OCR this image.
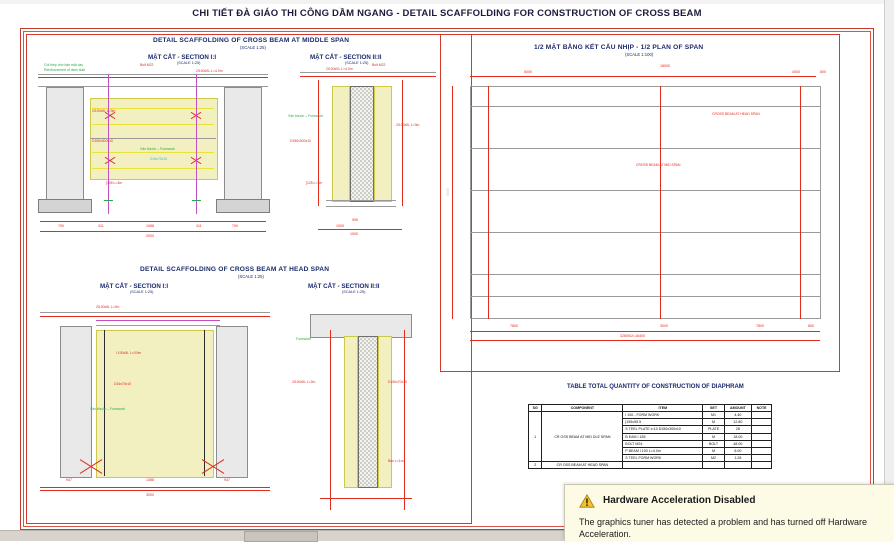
CHI TIẾT ĐÀ GIÁO THI CÔNG DẦM NGANG - DETAIL SCAFFOLDING FOR CONSTRUCTION OF CROSS BEAM
DETAIL SCAFFOLDING OF CROSS BEAM AT MIDDLE SPAN
(SCALE 1:25)
MẶT CẮT - SECTION I:I
(SCALE 1:25)
MẶT CẮT - SECTION II:II
(SCALE 1:25)
Cốt thép chờ bản mặt cầu
Reinforcement of deck slab
Bolt M22
2I100xSL L=4.0m
2I100x5L L=3m
Vấn khuôn – Formwork
D16x70x10
D150x300x10
[155 L=3m
700	411	1088	411	700
2000
2I100xSL L=4.0m
Bolt M22
Vấn khuôn – Formwork
2I100x5L L=3m
D150x300x10
[125 L=3m
1000
905
1000
DETAIL SCAFFOLDING OF CROSS BEAM AT HEAD SPAN
(SCALE 1:25)
MẶT CẮT - SECTION I:I
(SCALE 1:25)
MẶT CẮT - SECTION II:II
(SCALE 1:25)
2I100x5L L=2m
I 100x5L L=0.9m
D16x70x10
Vấn khuôn – Formwork
947	1388	947
3000
Formwork
2I100x5L L=2m	D150x70x10
Bản L=1m
1/2 MẶT BẰNG KẾT CẤU NHỊP - 1/2 PLAN OF SPAN
(SCALE 1:100)
6000
18000
4000	800
CROSS BEAM AT HEAD SPAN
CROSS BEAM AT MID SPAN
7800	3000
32800/2=16400
7800	800
3000
TABLE TOTAL QUANTITY OF CONSTRUCTION OF DIAPHRAM
SG	COMPONENT	ITEM	SET	AMOUNT	NOTE
1	CR OSS BEAM AT MID DLE SPAN	I 100 - FORM WORK	M1	4.40	
		[155x55.5	M	12.80	
		S TEEL PLATE t=10 D150x300x10	PLATE	28	
		B EAM I 155	M	18.00	
		BOLT M24	BOLT	48.00	
		P BEAM I 100 L=4.0m	M	6.00	
		S TEEL FORM WORK	M2	1.28	
2	CR OSS BEAM AT HEAD SPAN				
Hardware Acceleration Disabled
The graphics tuner has detected a problem and has turned off Hardware Acceleration.
